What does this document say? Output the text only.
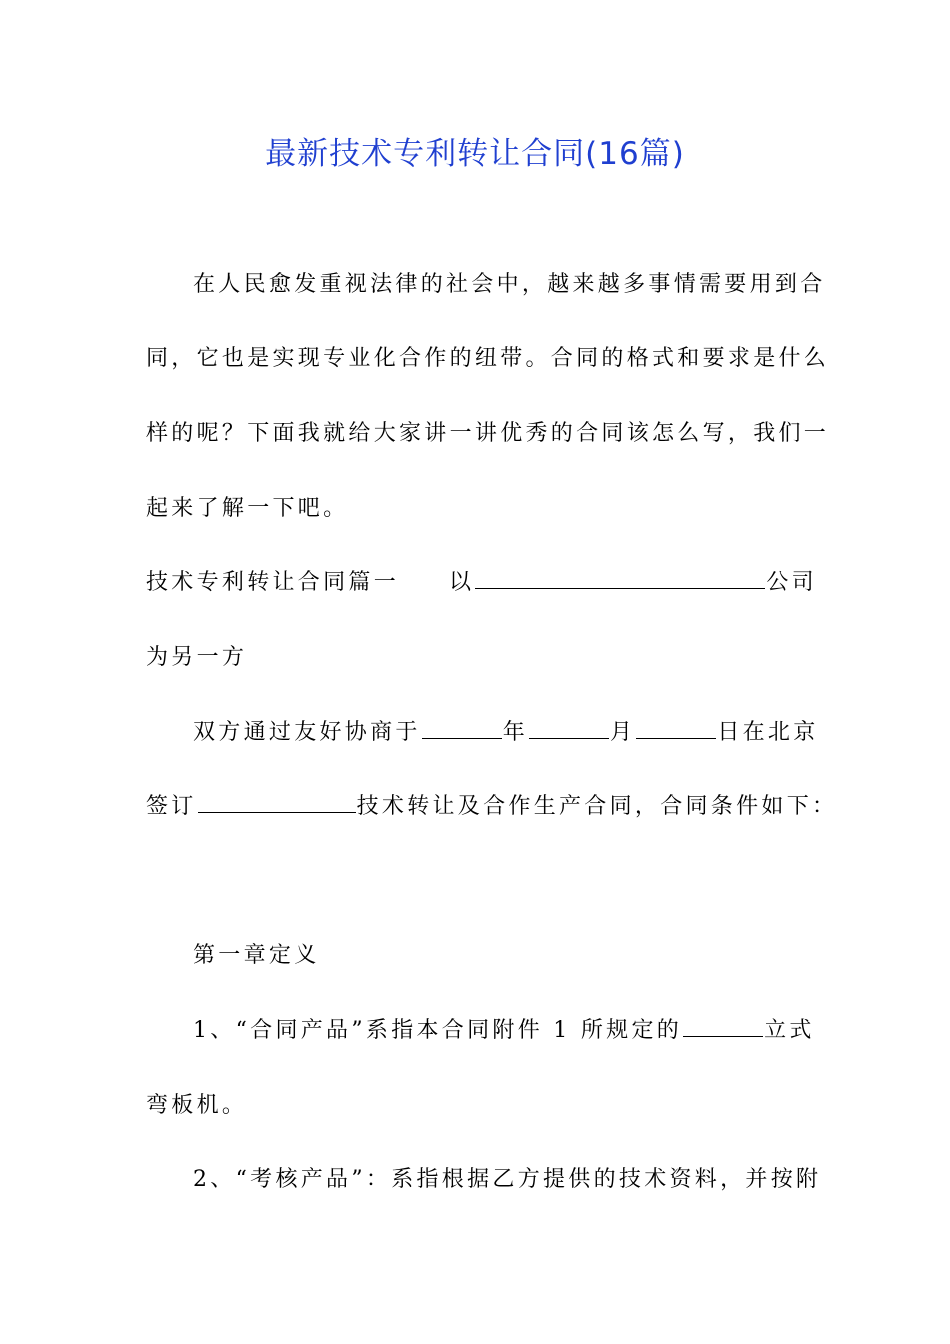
最新技术专利转让合同(16篇)
在人民愈发重视法律的社会中，越来越多事情需要用到合
同，它也是实现专业化合作的纽带。合同的格式和要求是什么
样的呢？下面我就给大家讲一讲优秀的合同该怎么写，我们一
起来了解一下吧。
技术专利转让合同篇一 以	公司
为另一方
双方通过友好协商于	年	月	日在北京
签订	技术转让及合作生产合同，合同条件如下：
第一章定义
1、“合同产品”系指本合同附件 1 所规定的	立式
弯板机。
2、“考核产品”：系指根据乙方提供的技术资料，并按附
